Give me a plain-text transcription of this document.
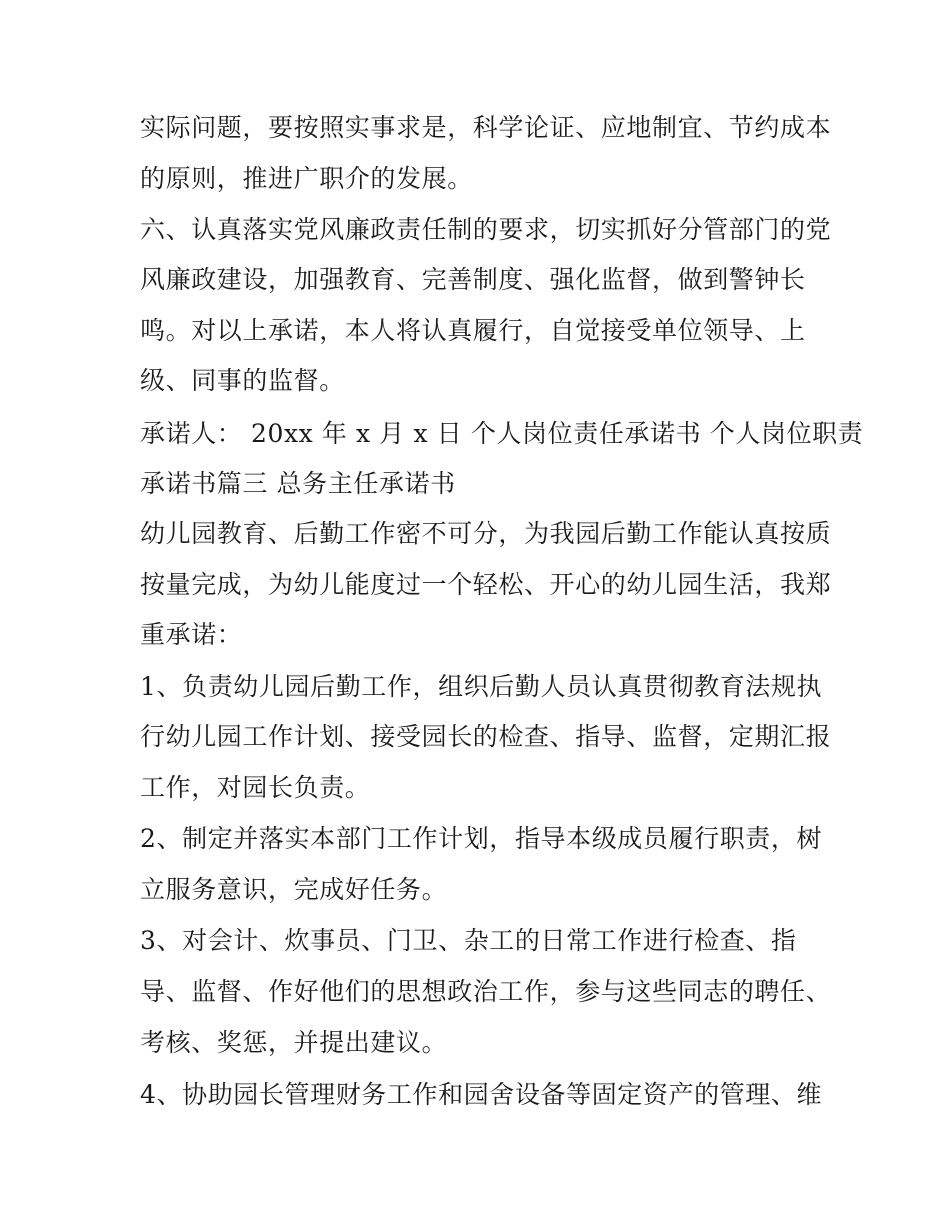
实际问题，要按照实事求是，科学论证、应地制宜、节约成本
的原则，推进广职介的发展。
六、认真落实党风廉政责任制的要求，切实抓好分管部门的党
风廉政建设，加强教育、完善制度、强化监督，做到警钟长
鸣。对以上承诺，本人将认真履行，自觉接受单位领导、上
级、同事的监督。
承诺人： 20xx 年 x 月 x 日 个人岗位责任承诺书 个人岗位职责
承诺书篇三 总务主任承诺书
幼儿园教育、后勤工作密不可分，为我园后勤工作能认真按质
按量完成，为幼儿能度过一个轻松、开心的幼儿园生活，我郑
重承诺：
1、负责幼儿园后勤工作，组织后勤人员认真贯彻教育法规执
行幼儿园工作计划、接受园长的检查、指导、监督，定期汇报
工作，对园长负责。
2、制定并落实本部门工作计划，指导本级成员履行职责，树
立服务意识，完成好任务。
3、对会计、炊事员、门卫、杂工的日常工作进行检查、指
导、监督、作好他们的思想政治工作，参与这些同志的聘任、
考核、奖惩，并提出建议。
4、协助园长管理财务工作和园舍设备等固定资产的管理、维
